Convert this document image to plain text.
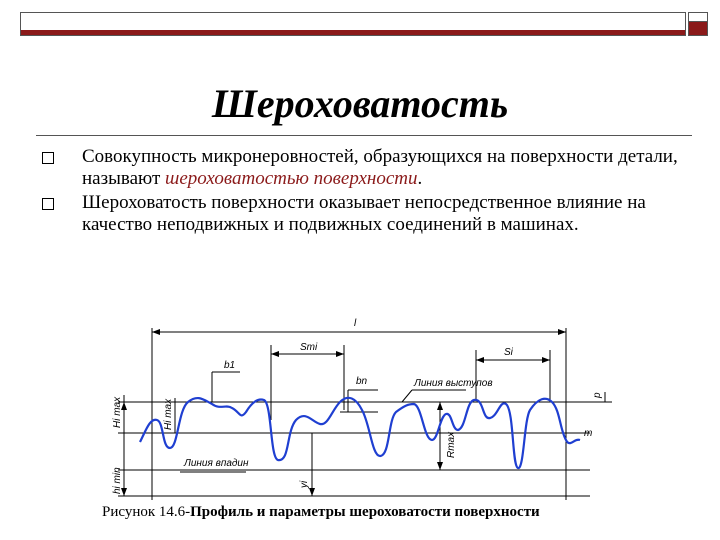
Шероховатость
Совокупность микронеровностей, образующихся на поверхности детали, называют шероховатостью поверхности.
Шероховатость поверхности оказывает непосредственное влияние на качество неподвижных и подвижных соединений в машинах.
l
Smi	Si
b1
bn	Линия выступов
Линия впадин
m
p
Rmax
yi
Hi max	Hi max
hi min
Рисунок 14.6-Профиль и параметры шероховатости поверхности
